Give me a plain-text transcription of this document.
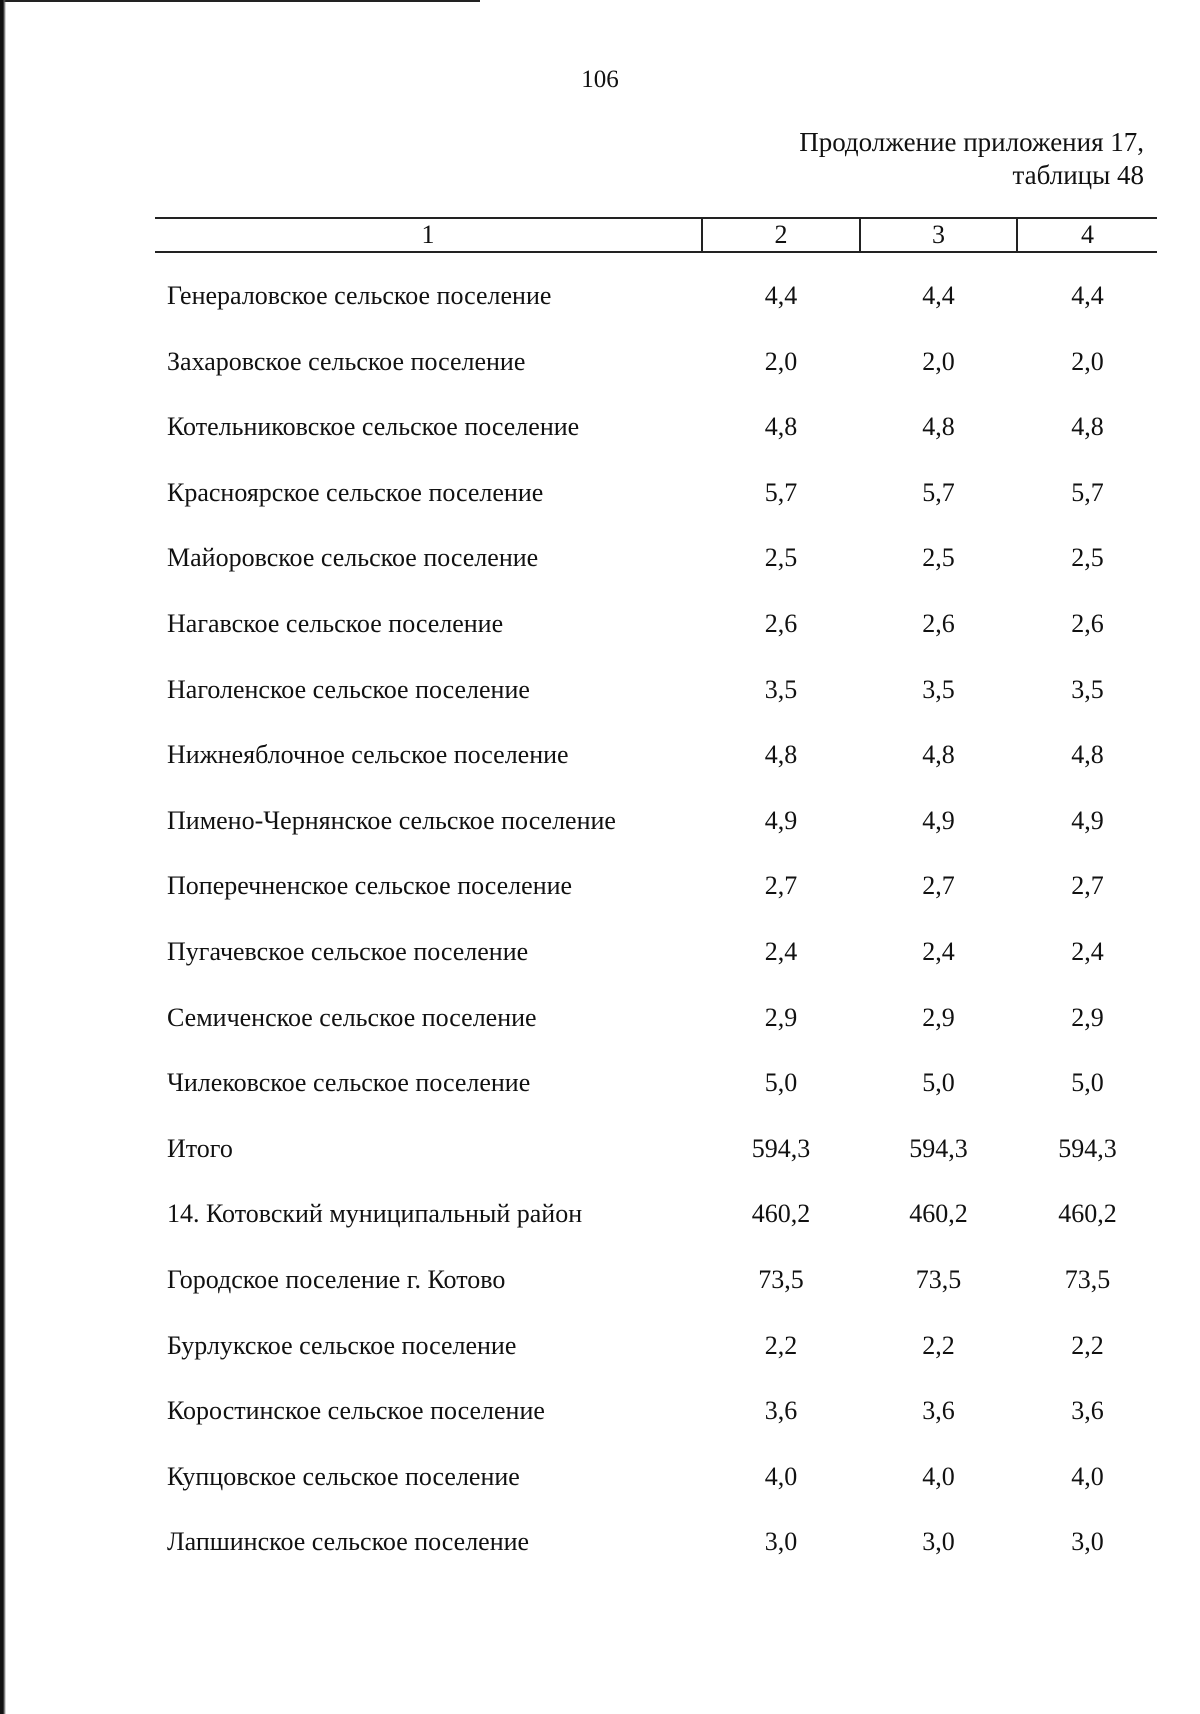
106
Продолжение приложения 17,
таблицы 48
1	2	3	4
Генераловское сельское поселение	4,4	4,4	4,4
Захаровское сельское поселение	2,0	2,0	2,0
Котельниковское сельское поселение	4,8	4,8	4,8
Красноярское сельское поселение	5,7	5,7	5,7
Майоровское сельское поселение	2,5	2,5	2,5
Нагавское сельское поселение	2,6	2,6	2,6
Наголенское сельское поселение	3,5	3,5	3,5
Нижнеяблочное сельское поселение	4,8	4,8	4,8
Пимено-Чернянское сельское поселение	4,9	4,9	4,9
Поперечненское сельское поселение	2,7	2,7	2,7
Пугачевское сельское поселение	2,4	2,4	2,4
Семиченское сельское поселение	2,9	2,9	2,9
Чилековское сельское поселение	5,0	5,0	5,0
Итого	594,3	594,3	594,3
14. Котовский муниципальный район	460,2	460,2	460,2
Городское поселение г. Котово	73,5	73,5	73,5
Бурлукское сельское поселение	2,2	2,2	2,2
Коростинское сельское поселение	3,6	3,6	3,6
Купцовское сельское поселение	4,0	4,0	4,0
Лапшинское сельское поселение	3,0	3,0	3,0
